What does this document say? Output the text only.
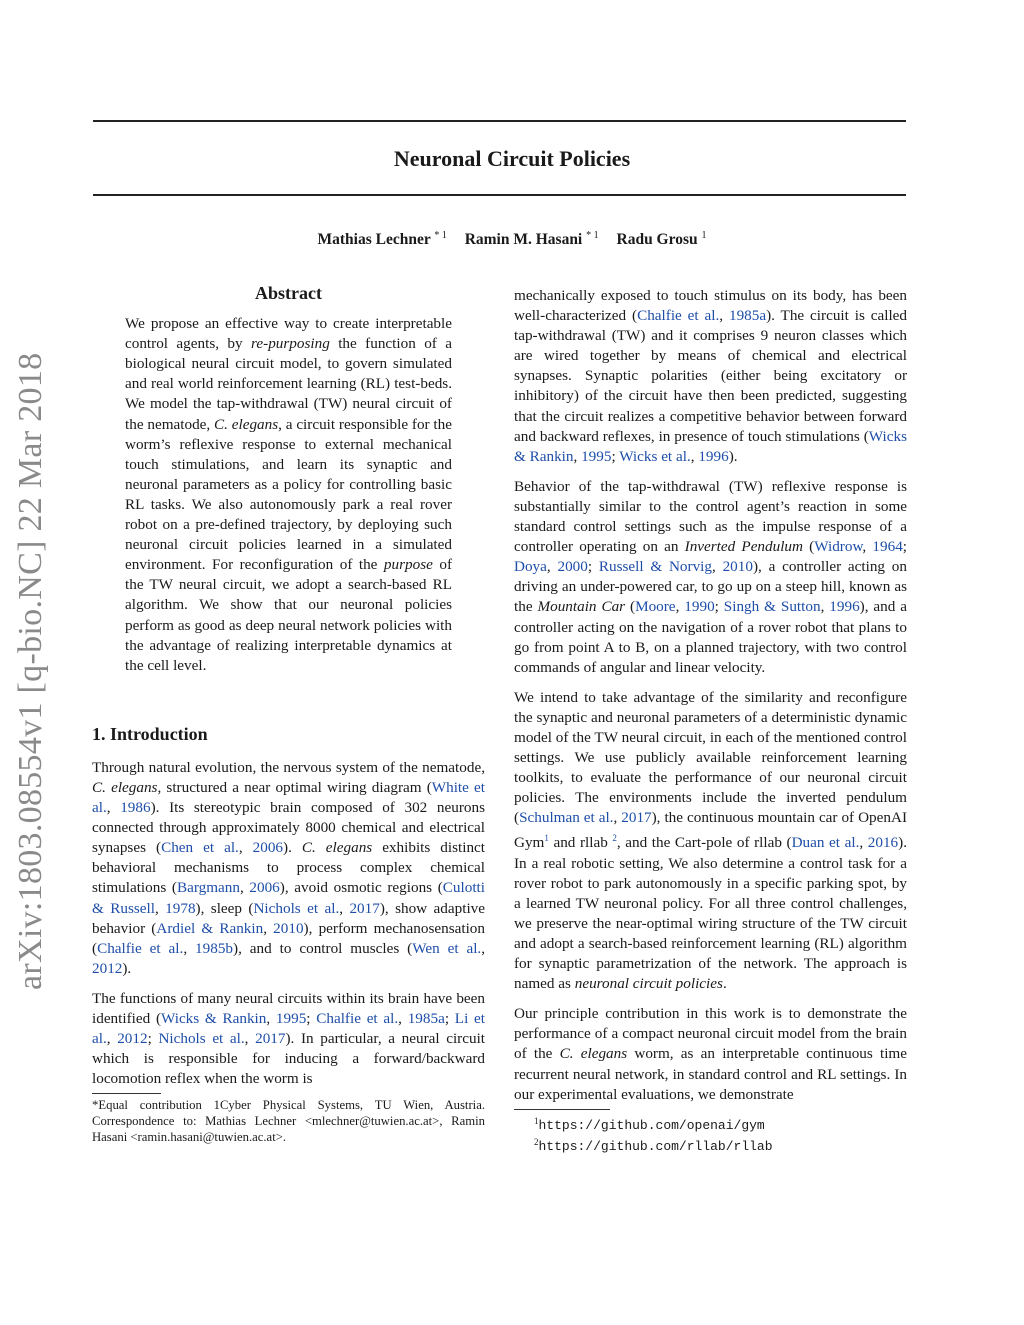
Neuronal Circuit Policies
Mathias Lechner $^{* 1}$ Ramin M. Hasani $^{* 1}$ Radu Grosu $^1$
arXiv:1803.08554v1 [q-bio.NC] 22 Mar 2018
Abstract
We propose an effective way to create interpretable control agents, by re-purposing the function of a biological neural circuit model, to govern simulated and real world reinforcement learning (RL) test-beds. We model the tap-withdrawal (TW) neural circuit of the nematode, C. elegans, a circuit responsible for the worm’s reflexive response to external mechanical touch stimulations, and learn its synaptic and neuronal parameters as a policy for controlling basic RL tasks. We also autonomously park a real rover robot on a pre-defined trajectory, by deploying such neuronal circuit policies learned in a simulated environment. For reconfiguration of the purpose of the TW neural circuit, we adopt a search-based RL algorithm. We show that our neuronal policies perform as good as deep neural network policies with the advantage of realizing interpretable dynamics at the cell level.
1. Introduction

Through natural evolution, the nervous system of the nematode, C. elegans, structured a near optimal wiring diagram (White et al., 1986). Its stereotypic brain composed of 302 neurons connected through approximately 8000 chemical and electrical synapses (Chen et al., 2006). C. elegans exhibits distinct behavioral mechanisms to process complex chemical stimulations (Bargmann, 2006), avoid osmotic regions (Culotti & Russell, 1978), sleep (Nichols et al., 2017), show adaptive behavior (Ardiel & Rankin, 2010), perform mechanosensation (Chalfie et al., 1985b), and to control muscles (Wen et al., 2012).

The functions of many neural circuits within its brain have been identified (Wicks & Rankin, 1995; Chalfie et al., 1985a; Li et al., 2012; Nichols et al., 2017). In particular, a neural circuit which is responsible for inducing a forward/backward locomotion reflex when the worm is

*Equal contribution 1Cyber Physical Systems, TU Wien, Austria. Correspondence to: Mathias Lechner <mlechner@tuwien.ac.at>, Ramin Hasani <ramin.hasani@tuwien.ac.at>.

mechanically exposed to touch stimulus on its body, has been well-characterized (Chalfie et al., 1985a). The circuit is called tap-withdrawal (TW) and it comprises 9 neuron classes which are wired together by means of chemical and electrical synapses. Synaptic polarities (either being excitatory or inhibitory) of the circuit have then been predicted, suggesting that the circuit realizes a competitive behavior between forward and backward reflexes, in presence of touch stimulations (Wicks & Rankin, 1995; Wicks et al., 1996).

Behavior of the tap-withdrawal (TW) reflexive response is substantially similar to the control agent’s reaction in some standard control settings such as the impulse response of a controller operating on an Inverted Pendulum (Widrow, 1964; Doya, 2000; Russell & Norvig, 2010), a controller acting on driving an under-powered car, to go up on a steep hill, known as the Mountain Car (Moore, 1990; Singh & Sutton, 1996), and a controller acting on the navigation of a rover robot that plans to go from point A to B, on a planned trajectory, with two control commands of angular and linear velocity.

We intend to take advantage of the similarity and reconfigure the synaptic and neuronal parameters of a deterministic dynamic model of the TW neural circuit, in each of the mentioned control settings. We use publicly available reinforcement learning toolkits, to evaluate the performance of our neuronal circuit policies. The environments include the inverted pendulum (Schulman et al., 2017), the continuous mountain car of OpenAI Gym$^1$ and rllab $^2$, and the Cart-pole of rllab (Duan et al., 2016). In a real robotic setting, We also determine a control task for a rover robot to park autonomously in a specific parking spot, by a learned TW neuronal policy. For all three control challenges, we preserve the near-optimal wiring structure of the TW circuit and adopt a search-based reinforcement learning (RL) algorithm for synaptic parametrization of the network. The approach is named as neuronal circuit policies.

Our principle contribution in this work is to demonstrate the performance of a compact neuronal circuit model from the brain of the C. elegans worm, as an interpretable continuous time recurrent neural network, in standard control and RL settings. In our experimental evaluations, we demonstrate

$^1$https://github.com/openai/gym
$^2$https://github.com/rllab/rllab
